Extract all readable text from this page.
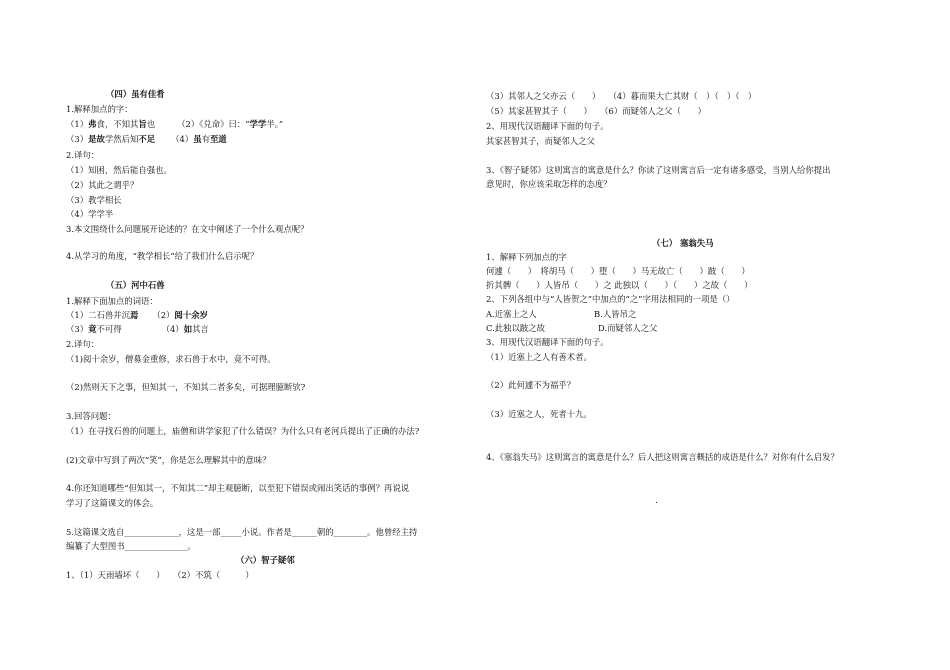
（四）虽有佳肴
1.解释加点的字：
（1）弗食，不知其旨也	（2）《兑命》曰：“学学半。”
（3）是故学然后知不足 （4）虽有至道
2.译句：
（1）知困，然后能自强也。
（2）其此之谓乎？
（3）教学相长
（4）学学半
3.本文围绕什么问题展开论述的？在文中阐述了一个什么观点呢？
4.从学习的角度，“教学相长”给了我们什么启示呢？
（五）河中石兽
1.解释下面加点的词语：
（1）二石兽并沉焉 （2）阅十余岁
（3）竟不可得	（4）如其言
2.译句：
（1)阅十余岁，僧募金重修，求石兽于水中，竟不可得。
（2)然则天下之事，但知其一，不知其二者多矣，可据理臆断欤?
3.回答问题：
（1）在寻找石兽的问题上，庙僧和讲学家犯了什么错误？为什么只有老河兵提出了正确的办法?
(2)文章中写到了两次“笑”，你是怎么理解其中的意味？
4.你还知道哪些“但知其一，不知其二”却主观臆断，以至犯下错误或闹出笑话的事例？再说说
学习了这篇课文的体会。
5.这篇课文选自_____________，这是一部_____小说。作者是______朝的________。他曾经主持
编纂了大型图书_______________。
（六）智子疑邻
1、（1）天雨墙坏（　　）　　（2）不筑（　　　）
（3）其邻人之父亦云（　　）　　（4）暮而果大亡其财（　）（　）（　）
（5）其家甚智其子（　　）　　（6）而疑邻人之父（　　）
2、用现代汉语翻译下面的句子。
其家甚智其子，而疑邻人之父
3、《智子疑邻》这则寓言的寓意是什么？你读了这则寓言后一定有诸多感受，当别人给你提出
意见时，你应该采取怎样的态度？
（七） 塞翁失马
1、解释下列加点的字
何遽（　　）　将胡马（　　）堕（　　）马无故亡（　　）跛（　　）
折其髀（　　）人皆吊（　　）之 此独以（　　）（　　）之故（　　）
2、下列各组中与“人皆贺之”中加点的“之”字用法相同的一项是（）
A.近塞上之人	B.人皆吊之
C.此独以跛之故	D.而疑邻人之父
3、用现代汉语翻译下面的句子。
（1）近塞上之人有善术者。
（2）此何遽不为福乎？
（3）近塞之人，死者十九。
4、《塞翁失马》这则寓言的寓意是什么？后人把这则寓言概括的成语是什么？对你有什么启发？
.
